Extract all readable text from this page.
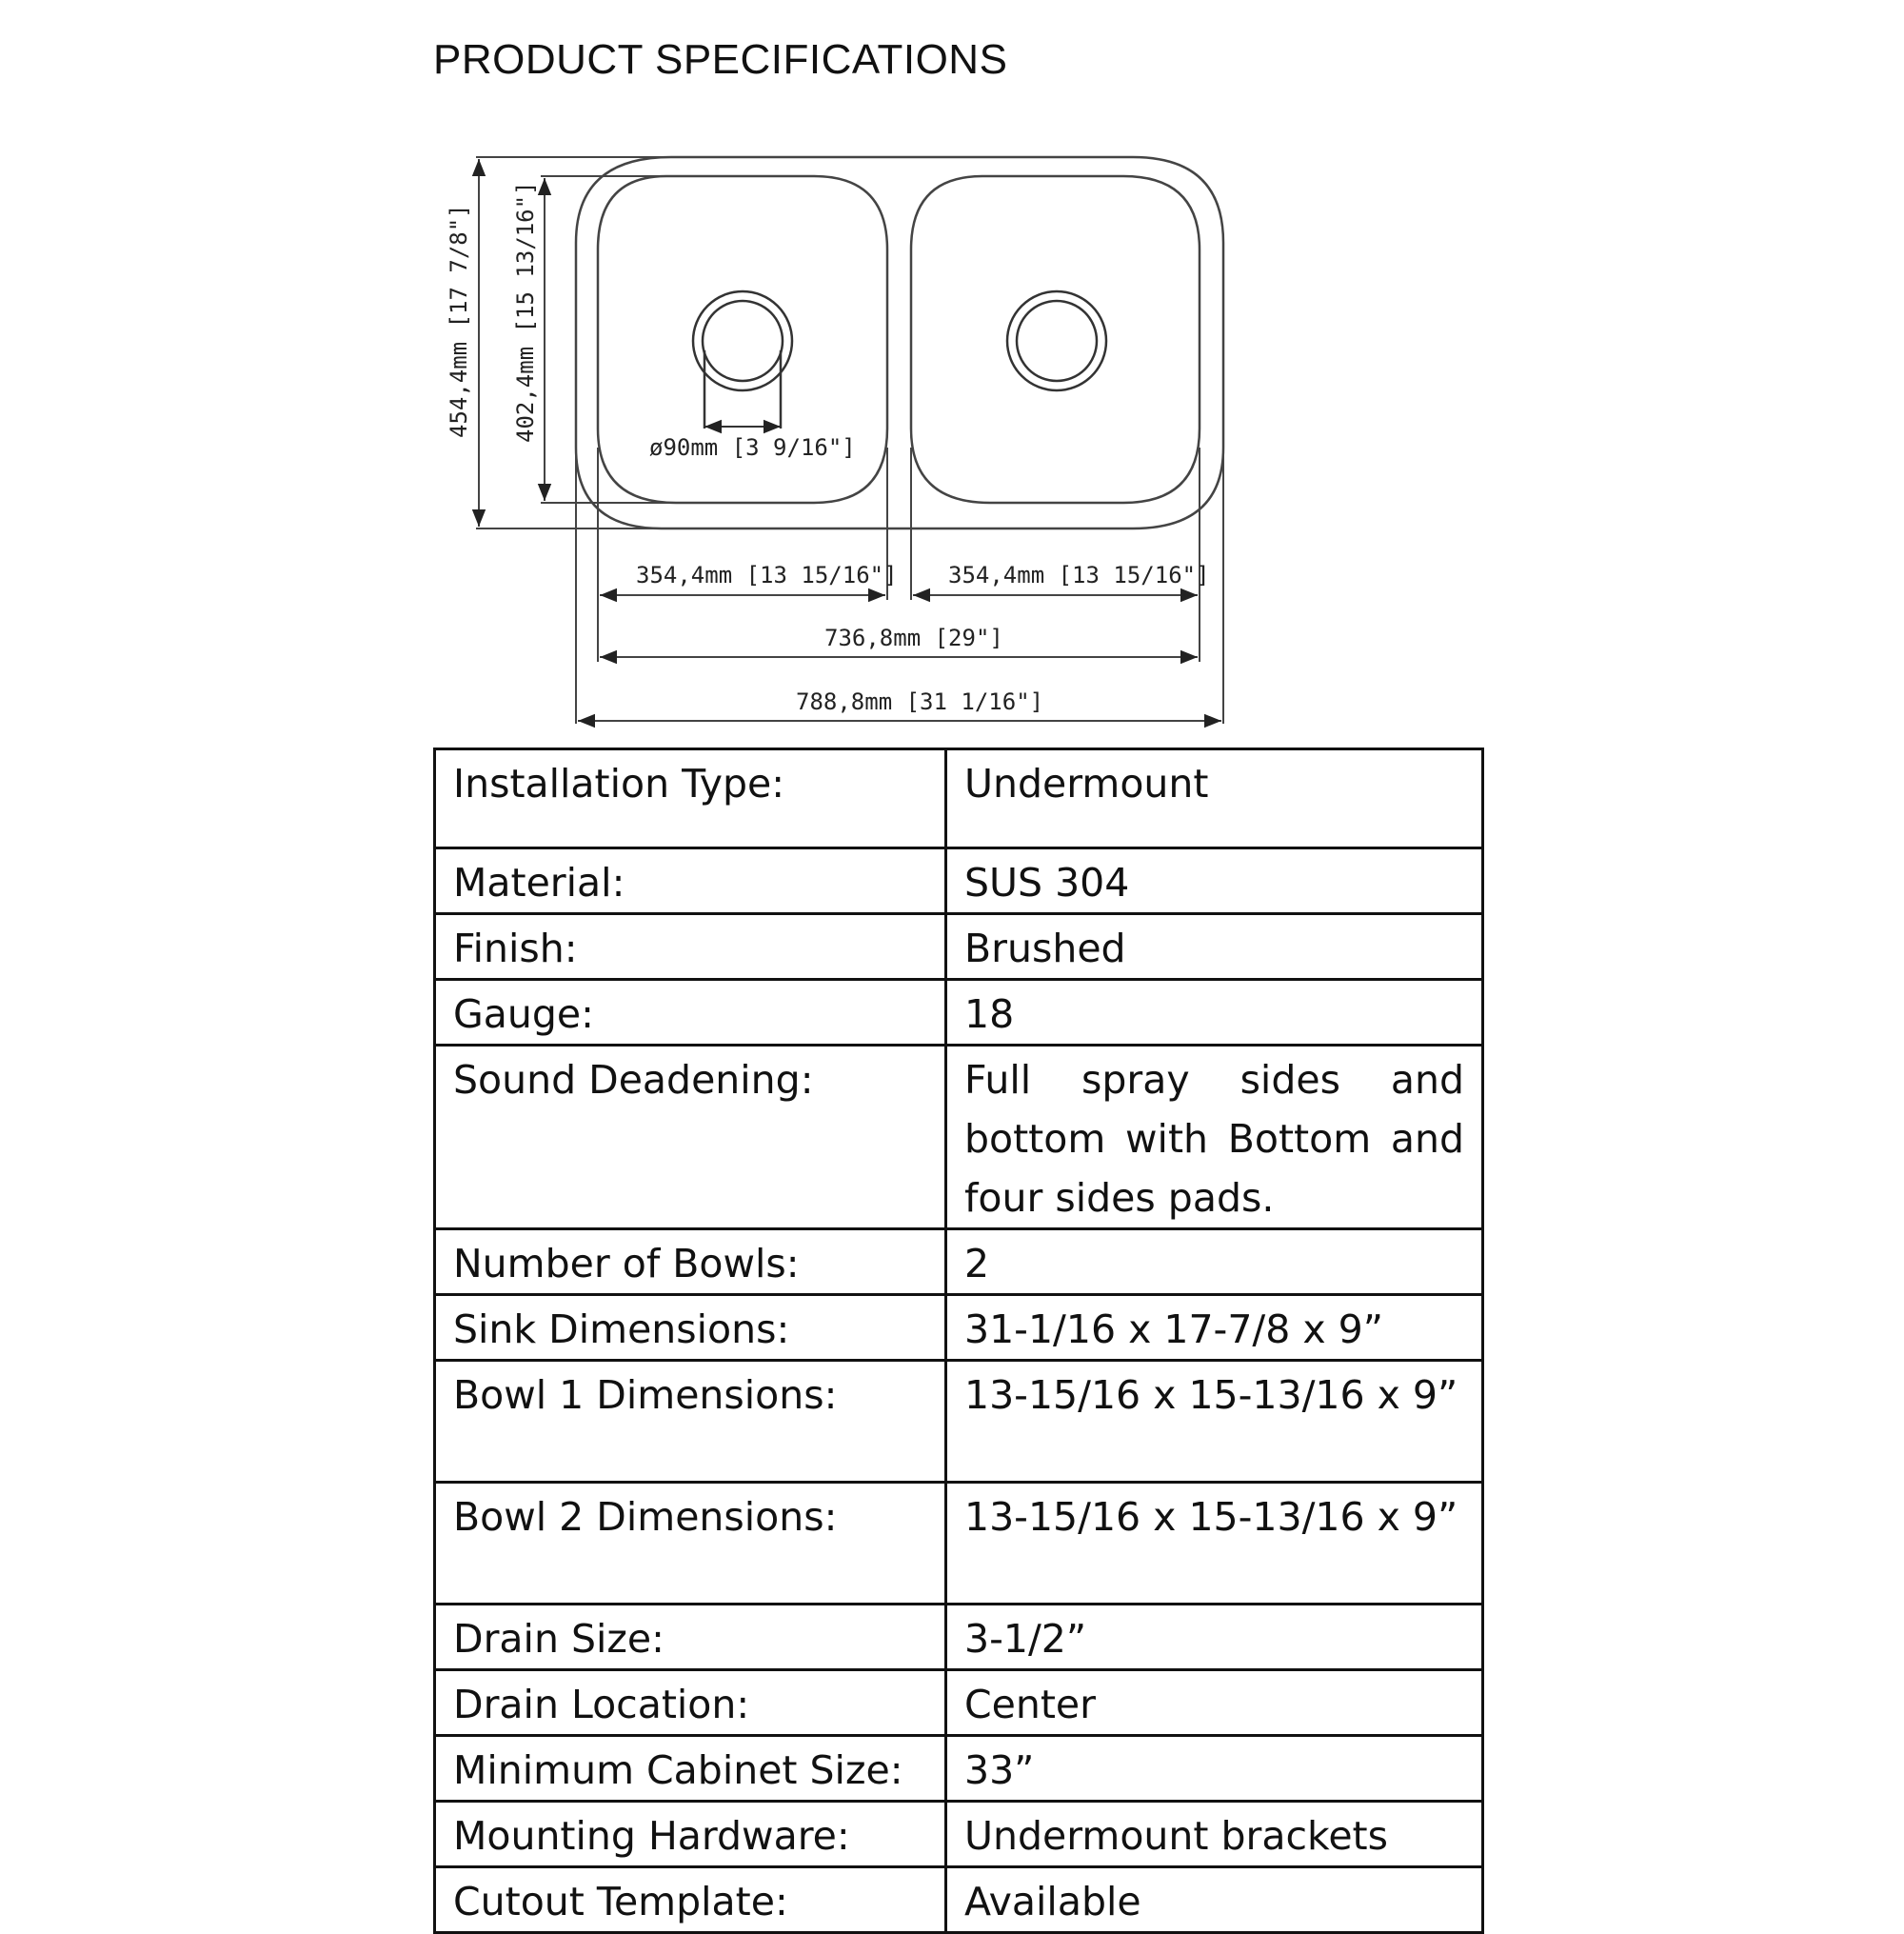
PRODUCT SPECIFICATIONS
ø90mm [3 9/16"]
454,4mm [17 7/8"] 402,4mm [15 13/16"]
354,4mm [13 15/16"] 354,4mm [13 15/16"]
736,8mm [29"]
788,8mm [31 1/16"]
Installation Type:	Undermount
Material:	SUS 304
Finish:	Brushed
Gauge:	18
Sound Deadening:	Full spray sides and bottom with Bottom and four sides pads.
Number of Bowls:	2
Sink Dimensions:	31-1/16 x 17-7/8 x 9”
Bowl 1 Dimensions:	13-15/16 x 15-13/16 x 9”
Bowl 2 Dimensions:	13-15/16 x 15-13/16 x 9”
Drain Size:	3-1/2”
Drain Location:	Center
Minimum Cabinet Size:	33”
Mounting Hardware:	Undermount brackets
Cutout Template:	Available
